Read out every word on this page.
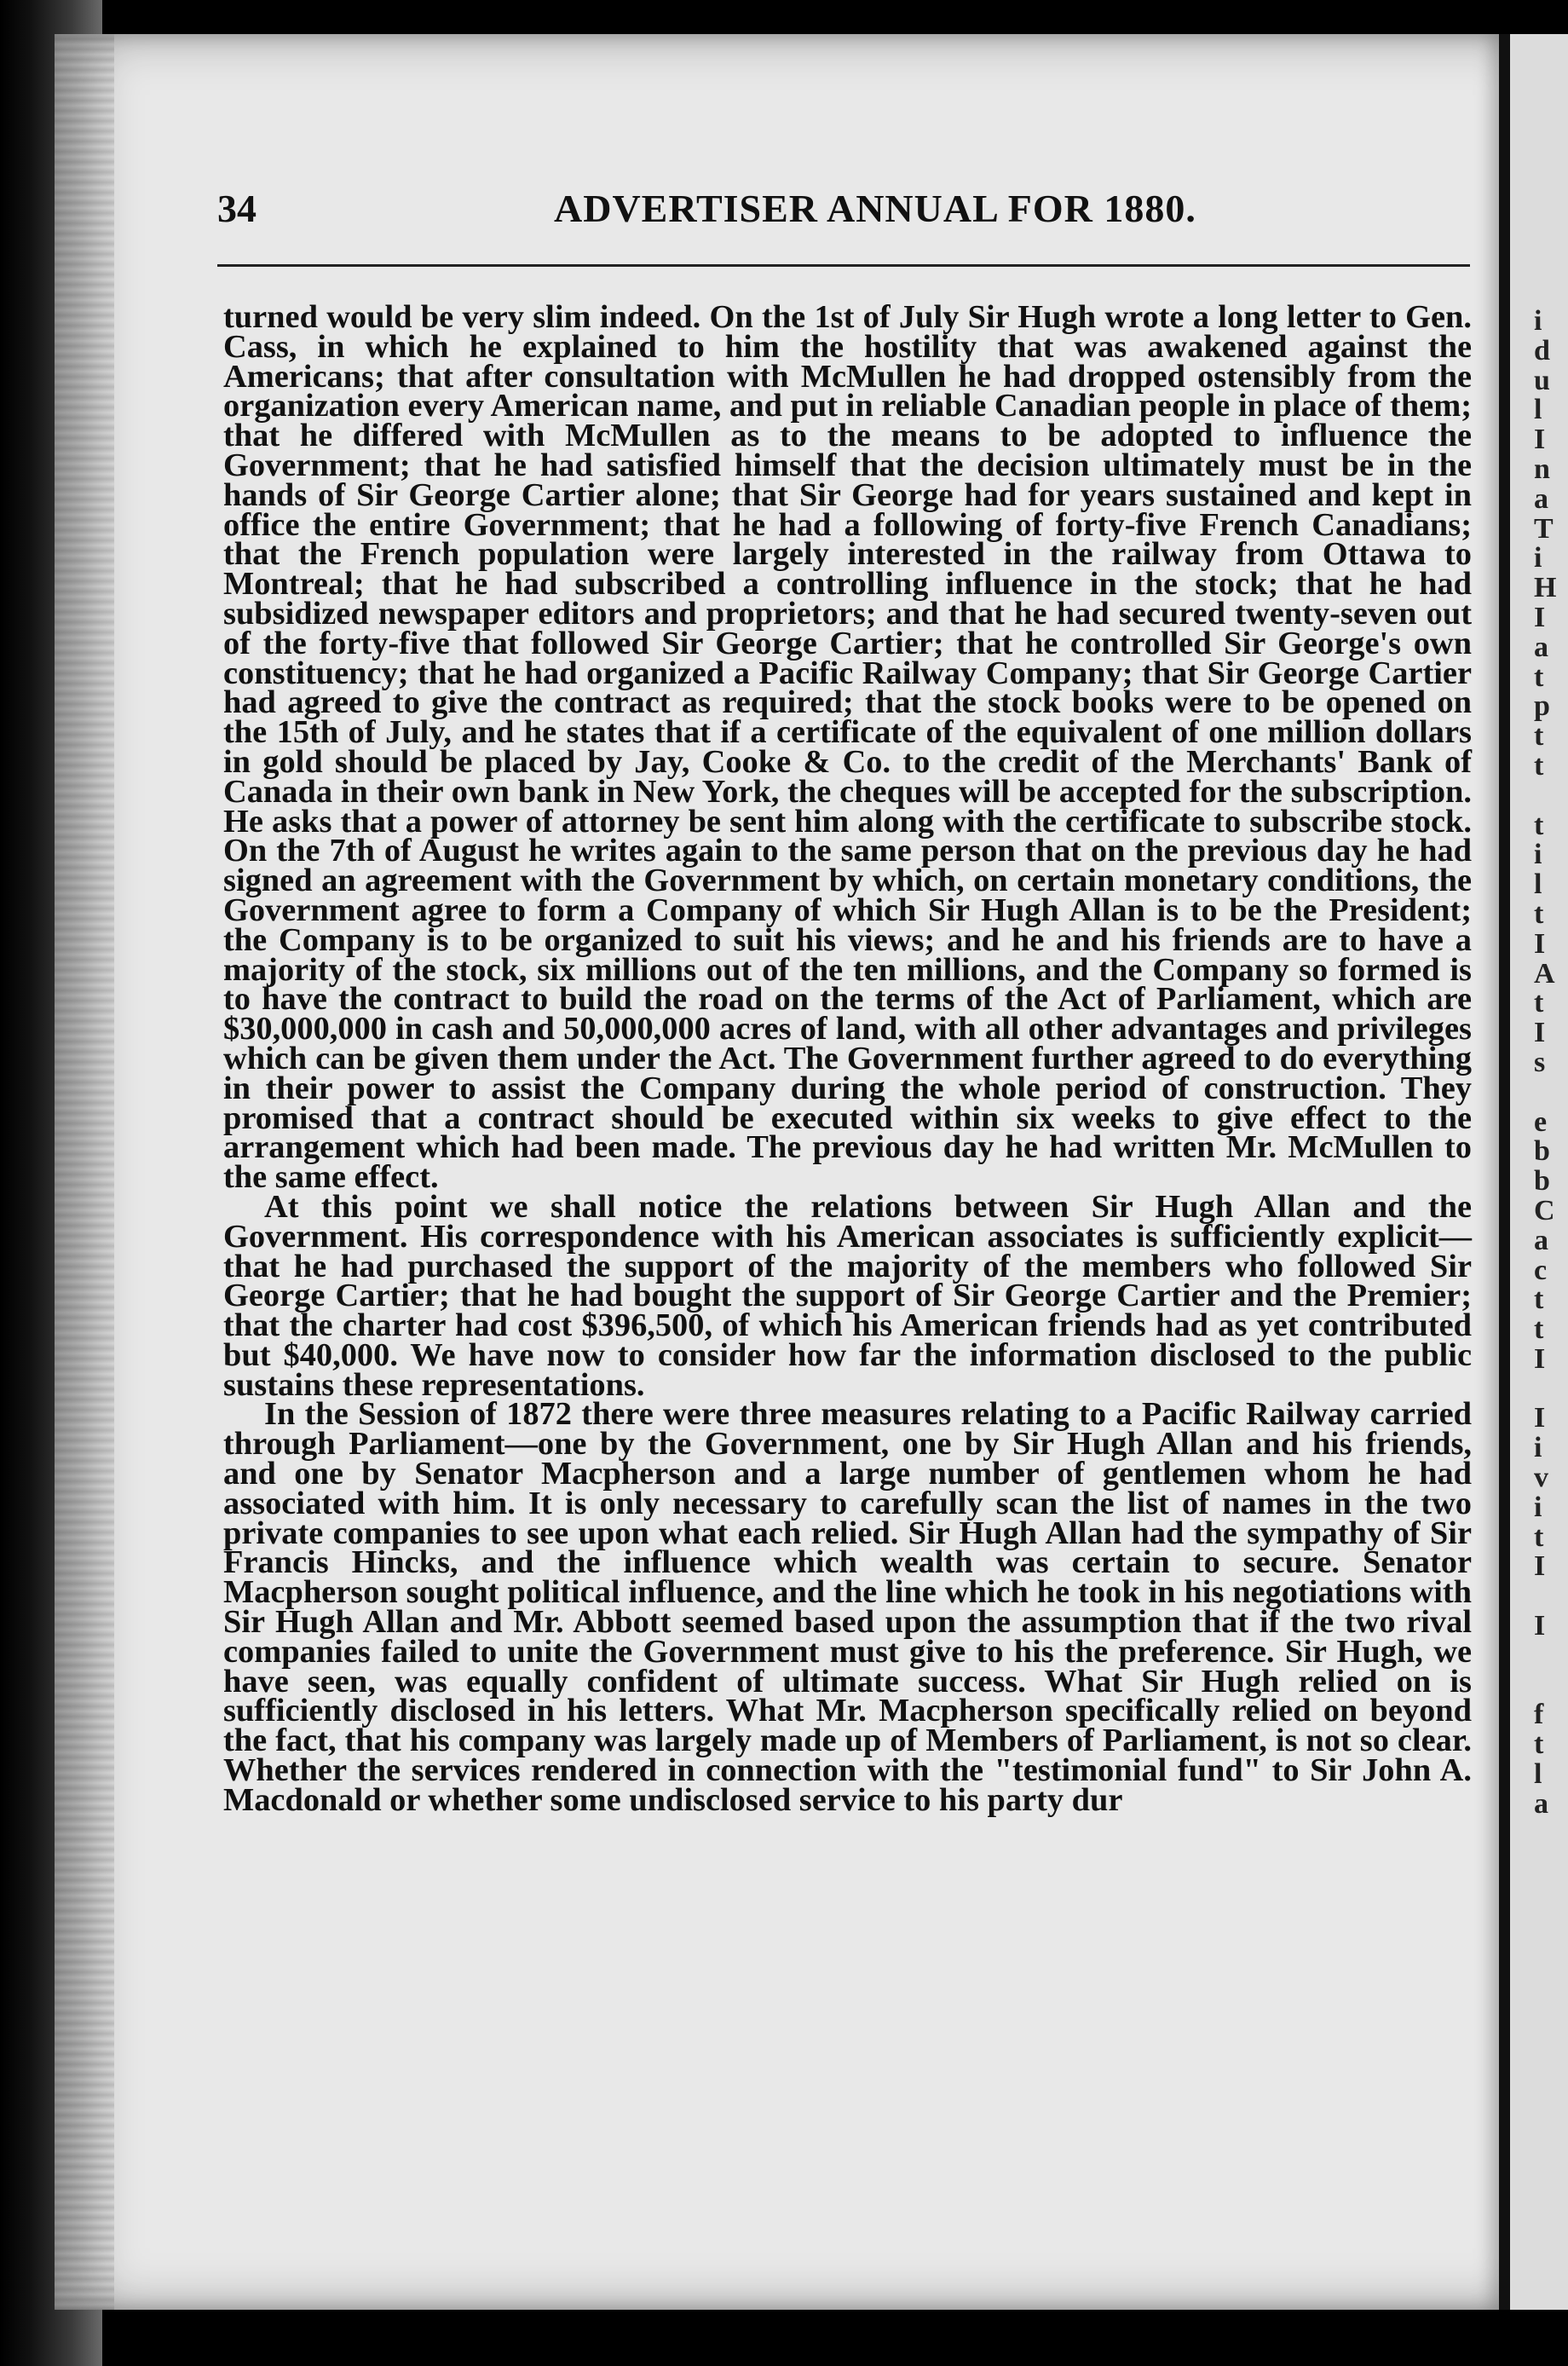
34	ADVERTISER ANNUAL FOR 1880.

turned would be very slim indeed. On the 1st of July Sir Hugh wrote a long letter to Gen. Cass, in which he explained to him the hostility that was awakened against the Americans; that after consultation with McMullen he had dropped ostensibly from the organization every American name, and put in reliable Canadian people in place of them; that he differed with McMullen as to the means to be adopted to influence the Government; that he had satisfied himself that the decision ultimately must be in the hands of Sir George Cartier alone; that Sir George had for years sustained and kept in office the entire Government; that he had a following of forty-five French Canadians; that the French population were largely interested in the railway from Ottawa to Montreal; that he had subscribed a controlling influence in the stock; that he had subsidized newspaper editors and proprietors; and that he had secured twenty-seven out of the forty-five that followed Sir George Cartier; that he controlled Sir George's own constituency; that he had organized a Pacific Railway Company; that Sir George Cartier had agreed to give the contract as required; that the stock books were to be opened on the 15th of July, and he states that if a certificate of the equivalent of one million dollars in gold should be placed by Jay, Cooke & Co. to the credit of the Merchants' Bank of Canada in their own bank in New York, the cheques will be accepted for the subscription. He asks that a power of attorney be sent him along with the certificate to subscribe stock. On the 7th of August he writes again to the same person that on the previous day he had signed an agreement with the Government by which, on certain monetary conditions, the Government agree to form a Company of which Sir Hugh Allan is to be the President; the Company is to be organized to suit his views; and he and his friends are to have a majority of the stock, six millions out of the ten millions, and the Company so formed is to have the contract to build the road on the terms of the Act of Parliament, which are $30,000,000 in cash and 50,000,000 acres of land, with all other advantages and privileges which can be given them under the Act. The Government further agreed to do everything in their power to assist the Company during the whole period of construction. They promised that a contract should be executed within six weeks to give effect to the arrangement which had been made. The previous day he had written Mr. McMullen to the same effect.

At this point we shall notice the relations between Sir Hugh Allan and the Government. His correspondence with his American associates is sufficiently explicit—that he had purchased the support of the majority of the members who followed Sir George Cartier; that he had bought the support of Sir George Cartier and the Premier; that the charter had cost $396,500, of which his American friends had as yet contributed but $40,000. We have now to consider how far the information disclosed to the public sustains these representations.

In the Session of 1872 there were three measures relating to a Pacific Railway carried through Parliament—one by the Government, one by Sir Hugh Allan and his friends, and one by Senator Macpherson and a large number of gentlemen whom he had associated with him. It is only necessary to carefully scan the list of names in the two private companies to see upon what each relied. Sir Hugh Allan had the sympathy of Sir Francis Hincks, and the influence which wealth was certain to secure. Senator Macpherson sought political influence, and the line which he took in his negotiations with Sir Hugh Allan and Mr. Abbott seemed based upon the assumption that if the two rival companies failed to unite the Government must give to his the preference. Sir Hugh, we have seen, was equally confident of ultimate success. What Sir Hugh relied on is sufficiently disclosed in his letters. What Mr. Macpherson specifically relied on beyond the fact, that his company was largely made up of Members of Parliament, is not so clear. Whether the services rendered in connection with the "testimonial fund" to Sir John A. Macdonald or whether some undisclosed service to his party dur

i
d
u
l
I
n
a
T
i
H
I
a
t
p
t
t
t
i
l
t
I
A
t
I
s
e
b
b
C
a
c
t
t
I
I
i
v
i
t
I
I
f
t
l
a
